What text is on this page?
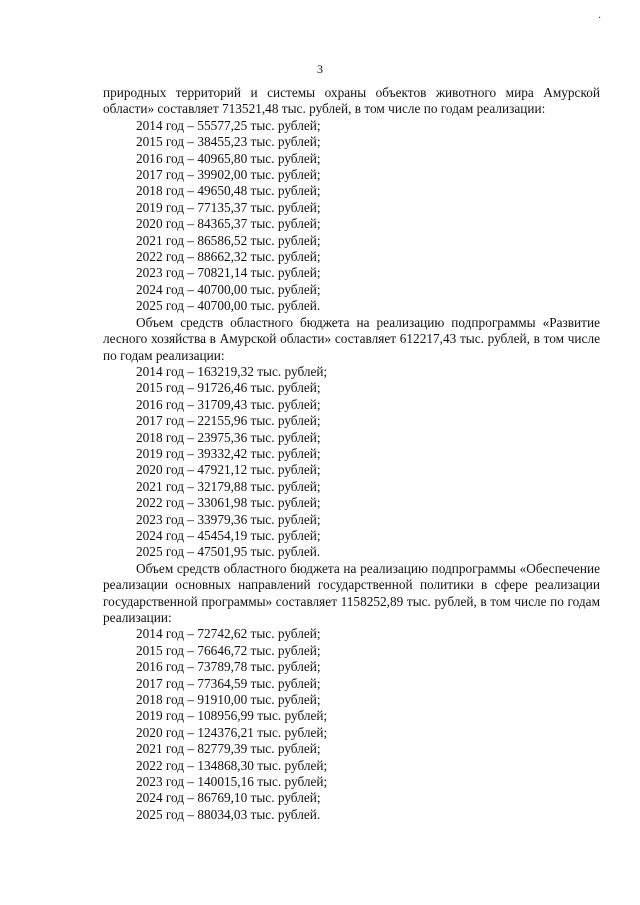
·
3

природных территорий и системы охраны объектов животного мира Амурской области» составляет 713521,48 тыс. рублей, в том числе по годам реализации:

2014 год – 55577,25 тыс. рублей;
2015 год – 38455,23 тыс. рублей;
2016 год – 40965,80 тыс. рублей;
2017 год – 39902,00 тыс. рублей;
2018 год – 49650,48 тыс. рублей;
2019 год – 77135,37 тыс. рублей;
2020 год – 84365,37 тыс. рублей;
2021 год – 86586,52 тыс. рублей;
2022 год – 88662,32 тыс. рублей;
2023 год – 70821,14 тыс. рублей;
2024 год – 40700,00 тыс. рублей;
2025 год – 40700,00 тыс. рублей.

Объем средств областного бюджета на реализацию подпрограммы «Развитие лесного хозяйства в Амурской области» составляет 612217,43 тыс. рублей, в том числе по годам реализации:

2014 год – 163219,32 тыс. рублей;
2015 год – 91726,46 тыс. рублей;
2016 год – 31709,43 тыс. рублей;
2017 год – 22155,96 тыс. рублей;
2018 год – 23975,36 тыс. рублей;
2019 год – 39332,42 тыс. рублей;
2020 год – 47921,12 тыс. рублей;
2021 год – 32179,88 тыс. рублей;
2022 год – 33061,98 тыс. рублей;
2023 год – 33979,36 тыс. рублей;
2024 год – 45454,19 тыс. рублей;
2025 год – 47501,95 тыс. рублей.

Объем средств областного бюджета на реализацию подпрограммы «Обеспечение реализации основных направлений государственной политики в сфере реализации государственной программы» составляет 1158252,89 тыс. рублей, в том числе по годам реализации:

2014 год – 72742,62 тыс. рублей;
2015 год – 76646,72 тыс. рублей;
2016 год – 73789,78 тыс. рублей;
2017 год – 77364,59 тыс. рублей;
2018 год – 91910,00 тыс. рублей;
2019 год – 108956,99 тыс. рублей;
2020 год – 124376,21 тыс. рублей;
2021 год – 82779,39 тыс. рублей;
2022 год – 134868,30 тыс. рублей;
2023 год – 140015,16 тыс. рублей;
2024 год – 86769,10 тыс. рублей;
2025 год – 88034,03 тыс. рублей.
